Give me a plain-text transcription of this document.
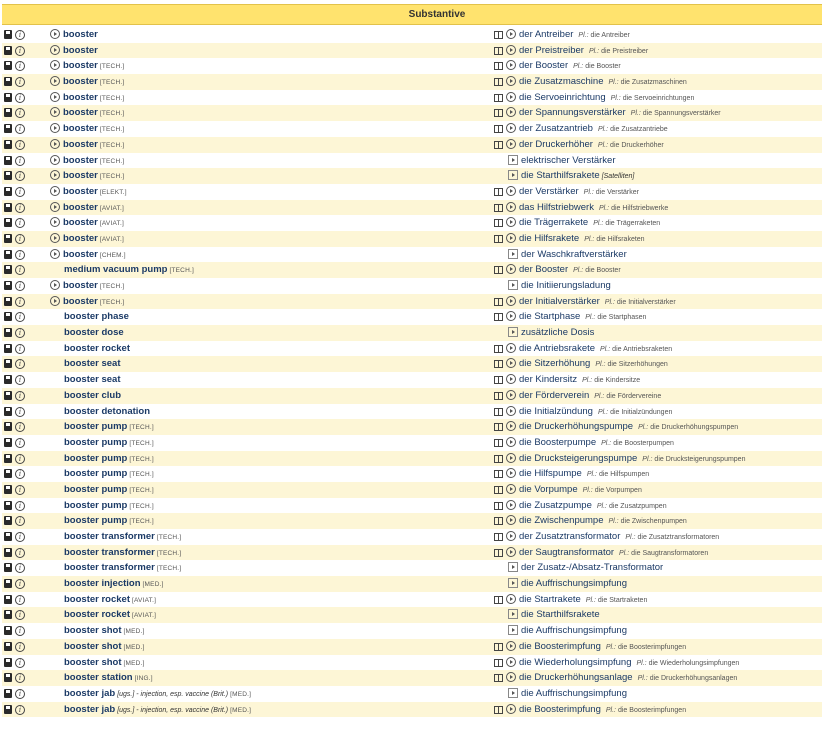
Substantive
i	booster	der Antreiber Pl.: die Antreiber
i	booster	der Preistreiber Pl.: die Preistreiber
i	booster [TECH.]	der Booster Pl.: die Booster
i	booster [TECH.]	die Zusatzmaschine Pl.: die Zusatzmaschinen
i	booster [TECH.]	die Servoeinrichtung Pl.: die Servoeinrichtungen
i	booster [TECH.]	der Spannungsverstärker Pl.: die Spannungsverstärker
i	booster [TECH.]	der Zusatzantrieb Pl.: die Zusatzantriebe
i	booster [TECH.]	der Druckerhöher Pl.: die Druckerhöher
i	booster [TECH.]	elektrischer Verstärker
i	booster [TECH.]	die Starthilfsrakete [Satelliten]
i	booster [ELEKT.]	der Verstärker Pl.: die Verstärker
i	booster [AVIAT.]	das Hilfstriebwerk Pl.: die Hilfstriebwerke
i	booster [AVIAT.]	die Trägerrakete Pl.: die Trägerraketen
i	booster [AVIAT.]	die Hilfsrakete Pl.: die Hilfsraketen
i	booster [CHEM.]	der Waschkraftverstärker
i	medium vacuum pump [TECH.]	der Booster Pl.: die Booster
i	booster [TECH.]	die Initiierungsladung
i	booster [TECH.]	der Initialverstärker Pl.: die Initialverstärker
i	booster phase	die Startphase Pl.: die Startphasen
i	booster dose	zusätzliche Dosis
i	booster rocket	die Antriebsrakete Pl.: die Antriebsraketen
i	booster seat	die Sitzerhöhung Pl.: die Sitzerhöhungen
i	booster seat	der Kindersitz Pl.: die Kindersitze
i	booster club	der Förderverein Pl.: die Fördervereine
i	booster detonation	die Initialzündung Pl.: die Initialzündungen
i	booster pump [TECH.]	die Druckerhöhungspumpe Pl.: die Druckerhöhungspumpen
i	booster pump [TECH.]	die Boosterpumpe Pl.: die Boosterpumpen
i	booster pump [TECH.]	die Drucksteigerungspumpe Pl.: die Drucksteigerungspumpen
i	booster pump [TECH.]	die Hilfspumpe Pl.: die Hilfspumpen
i	booster pump [TECH.]	die Vorpumpe Pl.: die Vorpumpen
i	booster pump [TECH.]	die Zusatzpumpe Pl.: die Zusatzpumpen
i	booster pump [TECH.]	die Zwischenpumpe Pl.: die Zwischenpumpen
i	booster transformer [TECH.]	der Zusatztransformator Pl.: die Zusatztransformatoren
i	booster transformer [TECH.]	der Saugtransformator Pl.: die Saugtransformatoren
i	booster transformer [TECH.]	der Zusatz-/Absatz-Transformator
i	booster injection [MED.]	die Auffrischungsimpfung
i	booster rocket [AVIAT.]	die Startrakete Pl.: die Startraketen
i	booster rocket [AVIAT.]	die Starthilfsrakete
i	booster shot [MED.]	die Auffrischungsimpfung
i	booster shot [MED.]	die Boosterimpfung Pl.: die Boosterimpfungen
i	booster shot [MED.]	die Wiederholungsimpfung Pl.: die Wiederholungsimpfungen
i	booster station [ING.]	die Druckerhöhungsanlage Pl.: die Druckerhöhungsanlagen
i	booster jab [ugs.] - injection, esp. vaccine (Brit.) [MED.]	die Auffrischungsimpfung
i	booster jab [ugs.] - injection, esp. vaccine (Brit.) [MED.]	die Boosterimpfung Pl.: die Boosterimpfungen
